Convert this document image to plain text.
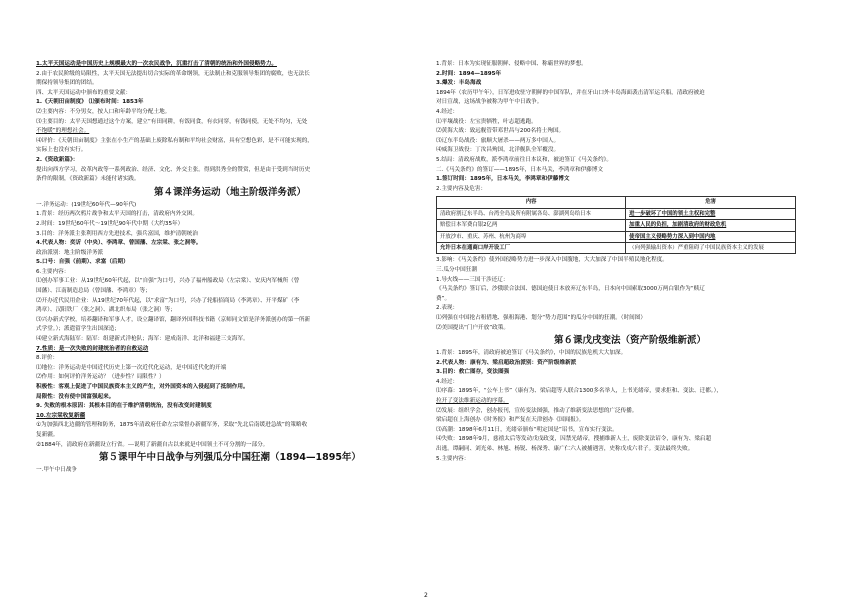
1.太平天国运动是中国历史上规模最大的一次农民战争，沉重打击了清朝的统治和外国侵略势力。
2.由于农民阶级的局限性，太平天国无法提出切合实际的革命纲领，无法制止和克服领导集团的腐败，也无法长
期保持领导集团的团结。
四、太平天国运动中颁布的重要文献：
1.《天朝田亩制度》 ⑴颁布时间：1853年
⑵主要内容：不分男女，按人口和年龄平均分配土地。
⑶主要目的：太平天国想通过这个方案，建立“有田同耕，有饭同食，有衣同穿，有钱同使，无处不均匀，无处
不饱暖”的理想社会。
⑷评价：《天朝田亩制度》主张在小生产的基础上废除私有制和平均社会财富，具有空想色彩，是不可能实现的，
实际上也没有实行。
2.《资政新篇》：
提出向西方学习，改革内政等一系列政治、经济、文化、外交主张。得到洪秀全的赞赏，但是由于受到当时历史
条件的限制，《资政新篇》未能付诸实践。
第４课洋务运动（地主阶级洋务派）
一.洋务运动：(19世纪60年代—90年代)
1.背景：经历两次鸦片战争和太平天国的打击，清政府内外交困。
2.时间：19世纪60年代～19世纪90年代中期（大约35年）
3.目的：洋务派主张利用西方先进技术，强兵富国，维护清朝统治
4.代表人物：奕䜣（中央）、李鸿章、曾国藩、左宗棠、张之洞等。
政治派别：地主阶级洋务派
5.口号：自强（前期）、求富（后期）
6.主要内容：
⑴创办军事工业：从19世纪60年代起，以“自强”为口号，兴办了福州船政局（左宗棠）、安庆内军械所（曾
国藩）、江南制造总局（曾国藩、李鸿章）等；
⑵开办近代民用企业：从19世纪70年代起，以“求富”为口号，兴办了轮船招商局（李鸿章）、开平煤矿（李
鸿章）、汉阳铁厂（张之洞）、湖北织布局（张之洞）等；
⑶兴办新式学校，培养翻译和军事人才，设立翻译馆，翻译外国科技书籍（京师同文馆是洋务派创办的第一所新
式学堂。）；派遣留学生出国深造；
⑷建立新式海陆军：陆军：组建新式洋枪队；海军：建成南洋、北洋和福建三支海军。
7.性质：是一次失败的封建统治者的自救运动
8.评价：
⑴地位：洋务运动是中国近代历史上第一次近代化运动，是中国近代化的开端
⑵作用：如何评价洋务运动？（进步性？局限性？）
积极性：客观上促进了中国民族资本主义的产生，对外国资本的入侵起到了抵制作用。
局限性：没有使中国富强起来。
9. 失败的根本原因：其根本目的在于维护清朝统治，没有改变封建制度
10.左宗棠收复新疆
①为加强西北边疆的管理和防务，1875年清政府任命左宗棠督办新疆军务，采取“先北后南缓进急战”的策略收
复新疆。
②1884年，清政府在新疆设立行省。---说明了新疆自古以来就是中国领土不可分割的一部分。
第５课甲午中日战争与列强瓜分中国狂潮（1894—1895年）
一.甲午中日战争
1.背景：日本为实现征服朝鲜、侵略中国、称霸世界的梦想。
2.时间：1894—1895年
3.爆发：丰岛海战
1894年（农历甲午年），日军进攻驻守朝鲜的中国军队，并在牙山口外丰岛海面袭击清军运兵船，清政府被迫
对日宣战，这场战争被称为甲午中日战争。
4.经过：
⑴平壤战役：左宝贵牺牲，叶志超逃跑。
⑵黄海大战：致远舰管带邓世昌与200名将士殉国。
⑶辽东半岛战役：旅顺大屠杀——两万多中国人。
⑷威海卫战役：丁汝昌殉国，北洋舰队全军覆没。
5.结局：清政府战败，派李鸿章前往日本议和，被迫签订《马关条约》。
二.《马关条约》的签订——1895年，日本马关，李鸿章和伊藤博文
1.签订时间：1895年，日本马关，李鸿章和伊藤博文
2.主要内容及危害：
内容	危害
清政府割辽东半岛、台湾全岛及所有附属各岛、澎湖列岛给日本	进一步破坏了中国的领土主权和完整
赔偿日本军费白银2亿两	加重人民的负担，加剧清政府的财政危机
开放沙市、重庆、苏州、杭州为商埠	使帝国主义侵略势力深入到中国内地
允许日本在通商口岸开设工厂	（向列强输出资本）严重阻碍了中国民族资本主义的发展
3.影响：《马关条约》使外国侵略势力进一步深入中国腹地，大大加深了中国半殖民地化程度。
三.瓜分中国狂潮
1.导火线——三国干涉还辽：
《马关条约》签订后，沙俄联合法国、德国迫使日本放弃辽东半岛，日本向中国索取3000万两白银作为“赎辽
费”。
2.表现：
⑴列强在中国抢占租借地、强租海港、划分“势力范围”的瓜分中国的狂潮。（时间图）
⑵美国提出“门户开放”政策。
第６课戊戌变法（资产阶级维新派）
1.背景：1895年，清政府被迫签订《马关条约》，中国的民族危机大大加深。
2.代表人物：康有为、梁启超政治派别：资产阶级维新派
3.目的：救亡图存，变法图强
4.经过：
⑴序幕：1895年，“公车上书”（康有为、梁启超等人联合1300多名举人，上书光绪帝，要求拒和、变法、迁都。），
拉开了变法维新运动的序幕。
⑵发展：组织学会，创办报刊，宣传变法图强，推动了维新变法思想的广泛传播。
梁启超在上海创办《时务报》和严复在天津创办《国闻报》。
⑶高潮：1898年6月11日，光绪帝颁布“明定国是”诏书，宣布实行变法。
⑷失败：1898年9月，慈禧太后等发动戊戌政变，囚禁光绪帝，搜捕维新人士，废除变法诏令，康有为、梁启超
出逃。谭嗣同、刘光弟、林旭、杨锐、杨深秀、康广仁六人被捕遇害，史称戊戌六君子。变法最终失败。
5.主要内容：
2
